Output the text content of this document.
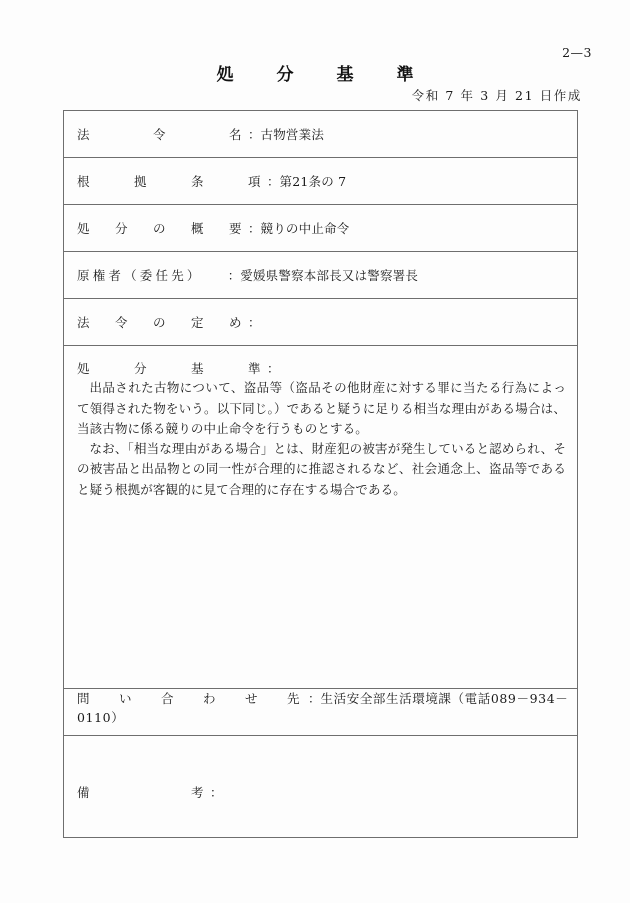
2—3
処　分　基　準
令和 7 年 3 月 21 日作成
法　　　令　　　名：古物営業法

根　　拠　　条　　項：第21条の 7

処　分　の　概　要：競りの中止命令

原権者（委任先）　　：愛媛県警察本部長又は警察署長

法　令　の　定　め：

処　　分　　基　　準：

出品された古物について、盗品等（盗品その他財産に対する罪に当たる行為によって領得された物をいう。以下同じ。）であると疑うに足りる相当な理由がある場合は、当該古物に係る競りの中止命令を行うものとする。

なお、「相当な理由がある場合」とは、財産犯の被害が発生していると認められ、その被害品と出品物との同一性が合理的に推認されるなど、社会通念上、盗品等であると疑う根拠が客観的に見て合理的に存在する場合である。

問　い　合　わ　せ　先：生活安全部生活環境課（電話089－934－0110）

備　　　　　考：
